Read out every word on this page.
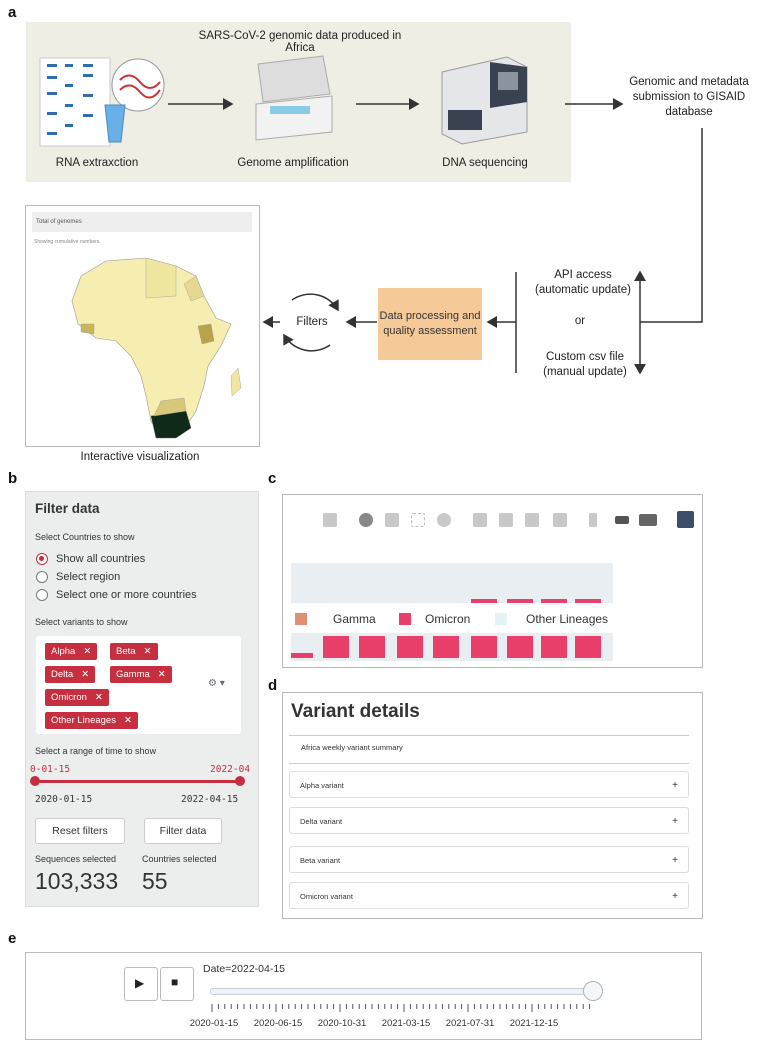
a
b	c
d
e
SARS-CoV-2 genomic data produced in Africa
RNA extraxction	Genome amplification	DNA sequencing
Genomic and metadata submission to GISAID database
API access (automatic update)
or
Custom csv file (manual update)
Data processing and quality assessment
Filters
Total of genomes
Showing cumulative numbers.
Interactive visualization
Filter data
Select Countries to show
Show all countries
Select region
Select one or more countries
Select variants to show
Alpha ✕	Beta ✕
Delta ✕	Gamma ✕
Omicron ✕
Other Lineages ✕
⚙ ▾
Select a range of time to show
0-01-15	2022-04
2020-01-15	2022-04-15
Reset filters	Filter data
Sequences selected	Countries selected
103,333 55
Gamma	Omicron	Other Lineages
Variant details
Africa weekly variant summary
Alpha variant	+
Delta variant	+
Beta variant	+
Omicron variant	+
▶ ■
Date=2022-04-15
2020-01-15	2020-06-15	2020-10-31	2021-03-15	2021-07-31	2021-12-15
